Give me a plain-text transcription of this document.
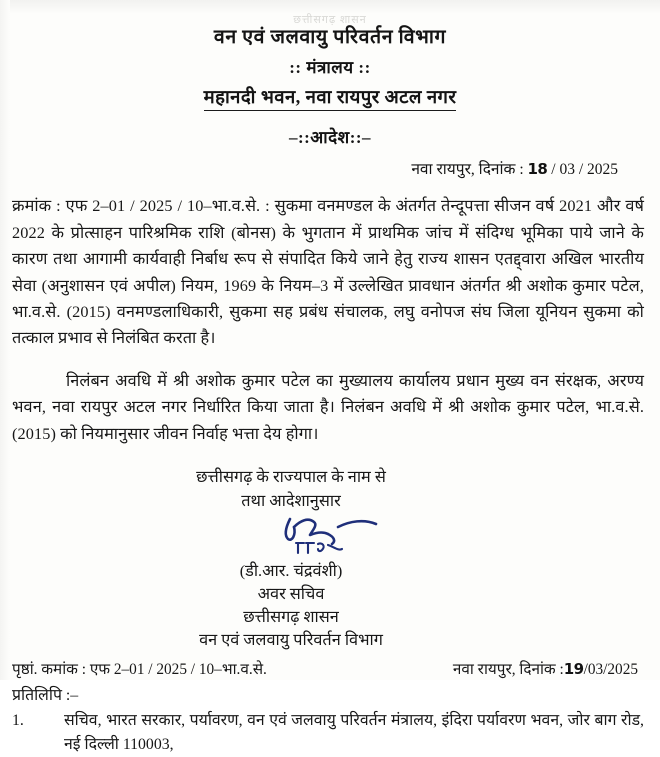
छत्तीसगढ़ शासन
वन एवं जलवायु परिवर्तन विभाग
:: मंत्रालय ::
महानदी भवन, नवा रायपुर अटल नगर
–::आदेश::–
नवा रायपुर, दिनांक : 18 / 03 / 2025
क्रमांक : एफ 2–01 / 2025 / 10–भा.व.से. : सुकमा वनमण्डल के अंतर्गत तेन्दूपत्ता सीजन वर्ष 2021 और वर्ष 2022 के प्रोत्साहन पारिश्रमिक राशि (बोनस) के भुगतान में प्राथमिक जांच में संदिग्ध भूमिका पाये जाने के कारण तथा आगामी कार्यवाही निर्बाध रूप से संपादित किये जाने हेतु राज्य शासन एतद्द्वारा अखिल भारतीय सेवा (अनुशासन एवं अपील) नियम, 1969 के नियम–3 में उल्लेखित प्रावधान अंतर्गत श्री अशोक कुमार पटेल, भा.व.से. (2015) वनमण्डलाधिकारी, सुकमा सह प्रबंध संचालक, लघु वनोपज संघ जिला यूनियन सुकमा को तत्काल प्रभाव से निलंबित करता है।
निलंबन अवधि में श्री अशोक कुमार पटेल का मुख्यालय कार्यालय प्रधान मुख्य वन संरक्षक, अरण्य भवन, नवा रायपुर अटल नगर निर्धारित किया जाता है। निलंबन अवधि में श्री अशोक कुमार पटेल, भा.व.से. (2015) को नियमानुसार जीवन निर्वाह भत्ता देय होगा।
छत्तीसगढ़ के राज्यपाल के नाम से
तथा आदेशानुसार
(डी.आर. चंद्रवंशी)
अवर सचिव
छत्तीसगढ़ शासन
वन एवं जलवायु परिवर्तन विभाग
पृष्ठां. कमांक : एफ 2–01 / 2025 / 10–भा.व.से.	नवा रायपुर, दिनांक :19/03/2025
प्रतिलिपि :–
1.	सचिव, भारत सरकार, पर्यावरण, वन एवं जलवायु परिवर्तन मंत्रालय, इंदिरा पर्यावरण भवन, जोर बाग रोड, नई दिल्ली 110003,
